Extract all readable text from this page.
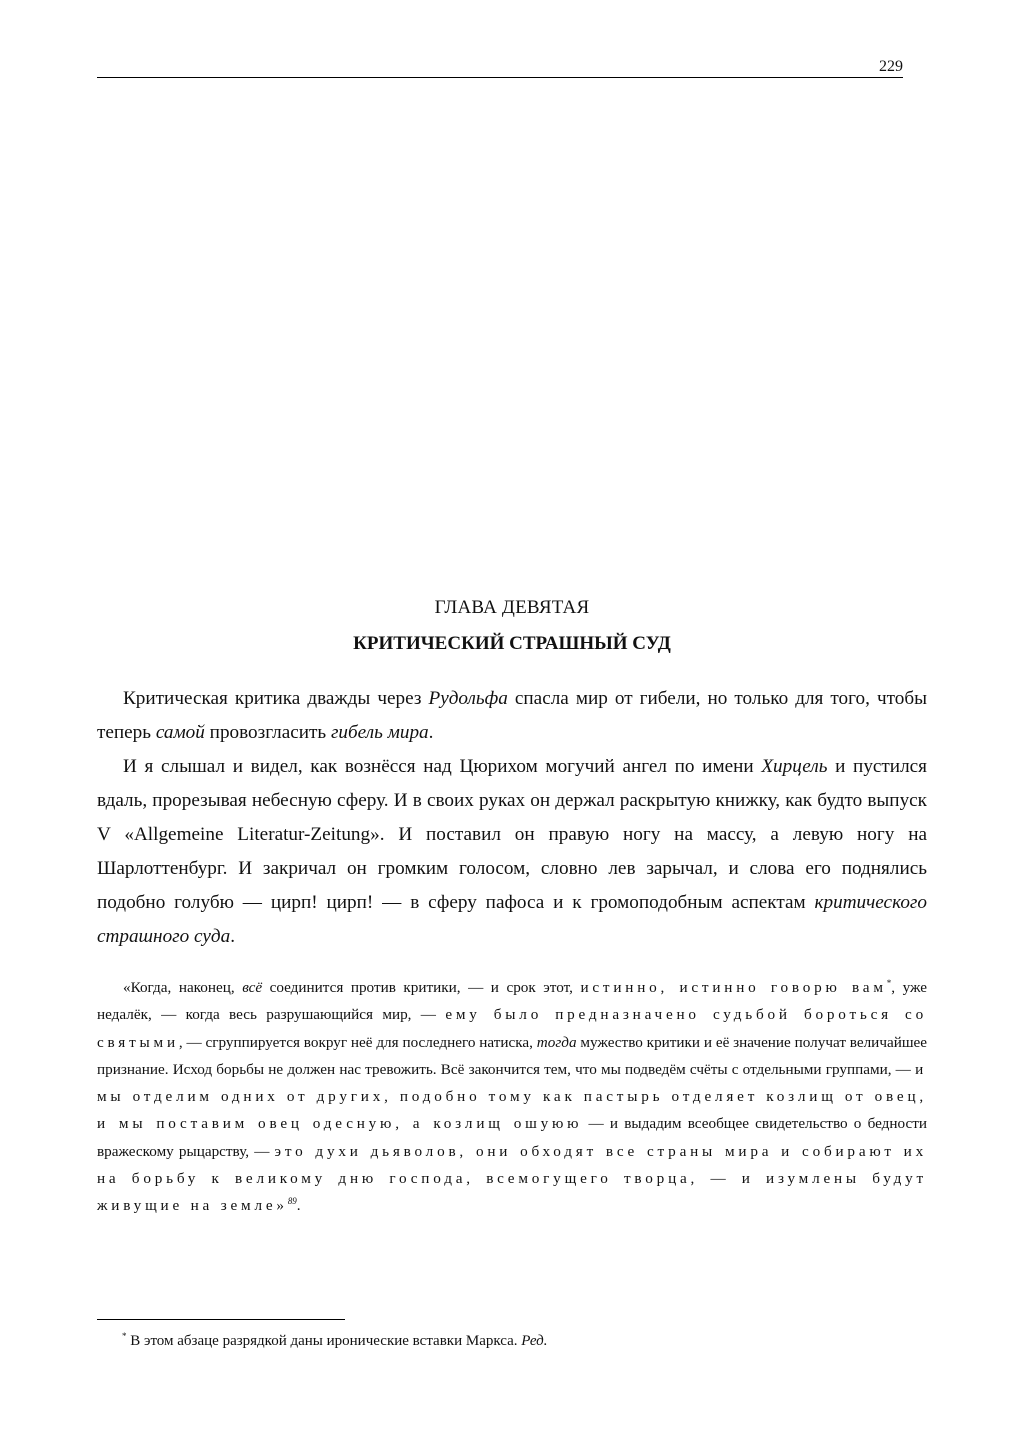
229
ГЛАВА ДЕВЯТАЯ
КРИТИЧЕСКИЙ СТРАШНЫЙ СУД

Критическая критика дважды через Рудольфа спасла мир от гибели, но только для того, чтобы теперь самой провозгласить гибель мира.

И я слышал и видел, как вознёсся над Цюрихом могучий ангел по имени Хирцель и пустился вдаль, прорезывая небесную сферу. И в своих руках он держал раскрытую книжку, как будто выпуск V «Allgemeine Literatur-Zeitung». И поставил он правую ногу на массу, а левую ногу на Шарлоттенбург. И закричал он громким голосом, словно лев зарычал, и слова его поднялись подобно голубю — цирп! цирп! — в сферу пафоса и к громоподобным аспектам критического страшного суда.

«Когда, наконец, всё соединится против критики, — и срок этот, истинно, истинно говорю вам*, уже недалёк, — когда весь разрушающийся мир, — ему было предназначено судьбой бороться со святыми, — сгруппируется вокруг неё для последнего натиска, тогда мужество критики и её значение получат величайшее признание. Исход борьбы не должен нас тревожить. Всё закончится тем, что мы подведём счёты с отдельными группами, — и мы отделим одних от других, подобно тому как пастырь отделяет козлищ от овец, и мы поставим овец одесную, а козлищ ошуюю — и выдадим всеобщее свидетельство о бедности вражескому рыцарству, — это духи дьяволов, они обходят все страны мира и собирают их на борьбу к великому дню господа, всемогущего творца, — и изумлены будут живущие на земле»$^{89}$.

* В этом абзаце разрядкой даны иронические вставки Маркса. Ред.
